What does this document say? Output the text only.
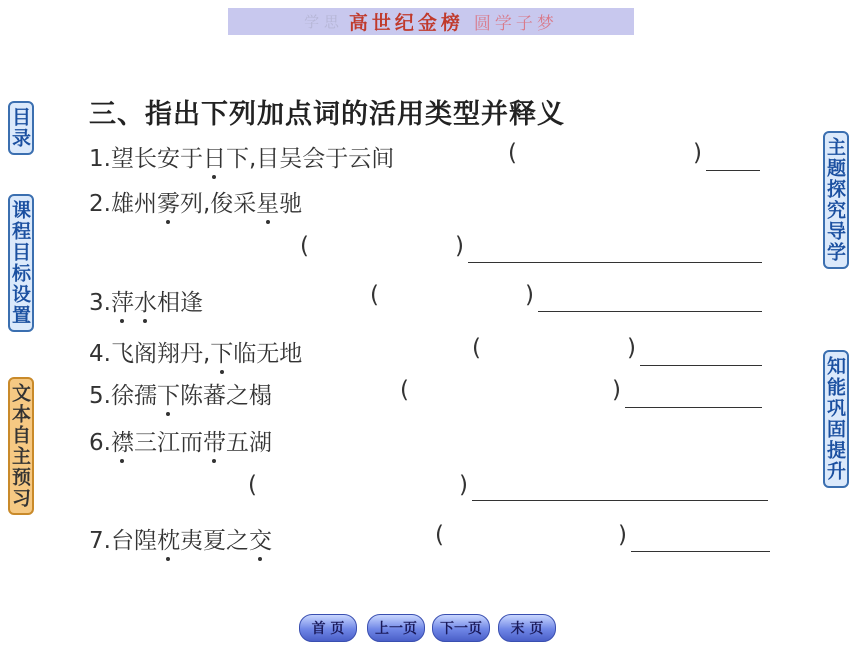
学 思 高世纪金榜 圆学子梦
目录
课程目标设置
文本自主预习
主题探究导学
知能巩固提升
三、指出下列加点词的活用类型并释义
1.望长安于日下,目吴会于云间	(	)
2.雄州雾列,俊采星驰
(	)
3.萍水相逢	(	)
4.飞阁翔丹,下临无地	(	)
5.徐孺下陈蕃之榻	(	)
6.襟三江而带五湖
(	)
7.台隍枕夷夏之交	(	)
首 页	上一页	下一页	末 页
